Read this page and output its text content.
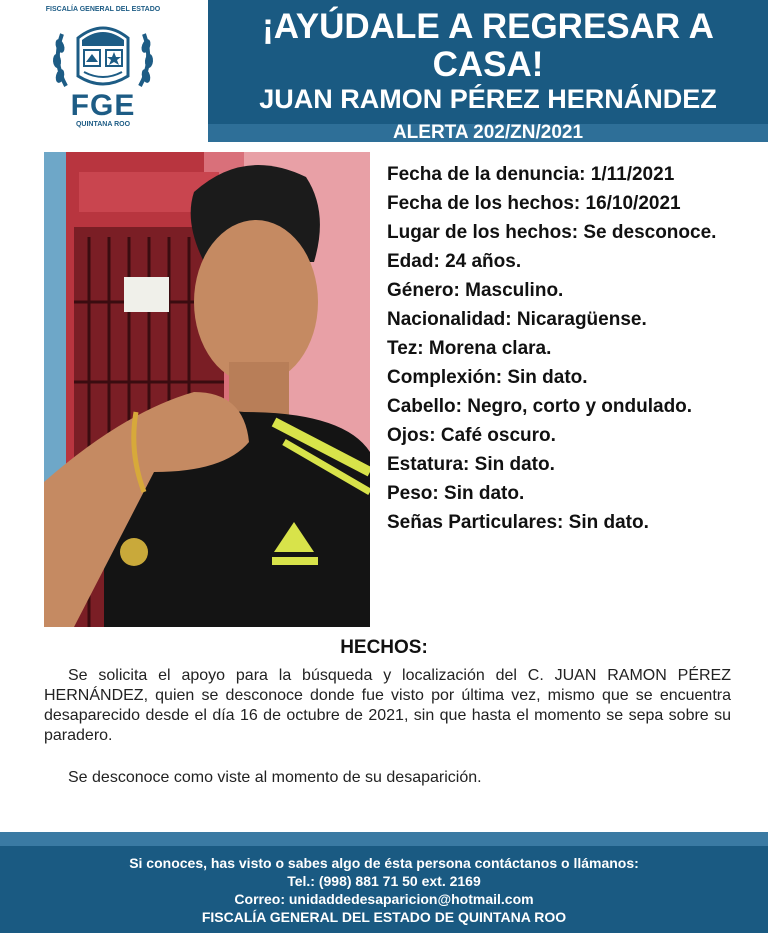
FISCALÍA GENERAL DEL ESTADO
FGE
QUINTANA ROO
¡AYÚDALE A REGRESAR A CASA!
JUAN RAMON PÉREZ HERNÁNDEZ
ALERTA 202/ZN/2021
Fecha de la denuncia: 1/11/2021
Fecha de los hechos: 16/10/2021
Lugar de los hechos: Se desconoce.
Edad: 24 años.
Género: Masculino.
Nacionalidad: Nicaragüense.
Tez: Morena clara.
Complexión: Sin dato.
Cabello: Negro, corto y ondulado.
Ojos: Café oscuro.
Estatura: Sin dato.
Peso: Sin dato.
Señas Particulares: Sin dato.
HECHOS:

Se solicita el apoyo para la búsqueda y localización del C. JUAN RAMON PÉREZ HERNÁNDEZ, quien se desconoce donde fue visto por última vez, mismo que se encuentra desaparecido desde el día 16 de octubre de 2021, sin que hasta el momento se sepa sobre su paradero.

Se desconoce como viste al momento de su desaparición.

Si conoces, has visto o sabes algo de ésta persona contáctanos o llámanos:
Tel.: (998) 881 71 50 ext. 2169
Correo: unidaddedesaparicion@hotmail.com
FISCALÍA GENERAL DEL ESTADO DE QUINTANA ROO
